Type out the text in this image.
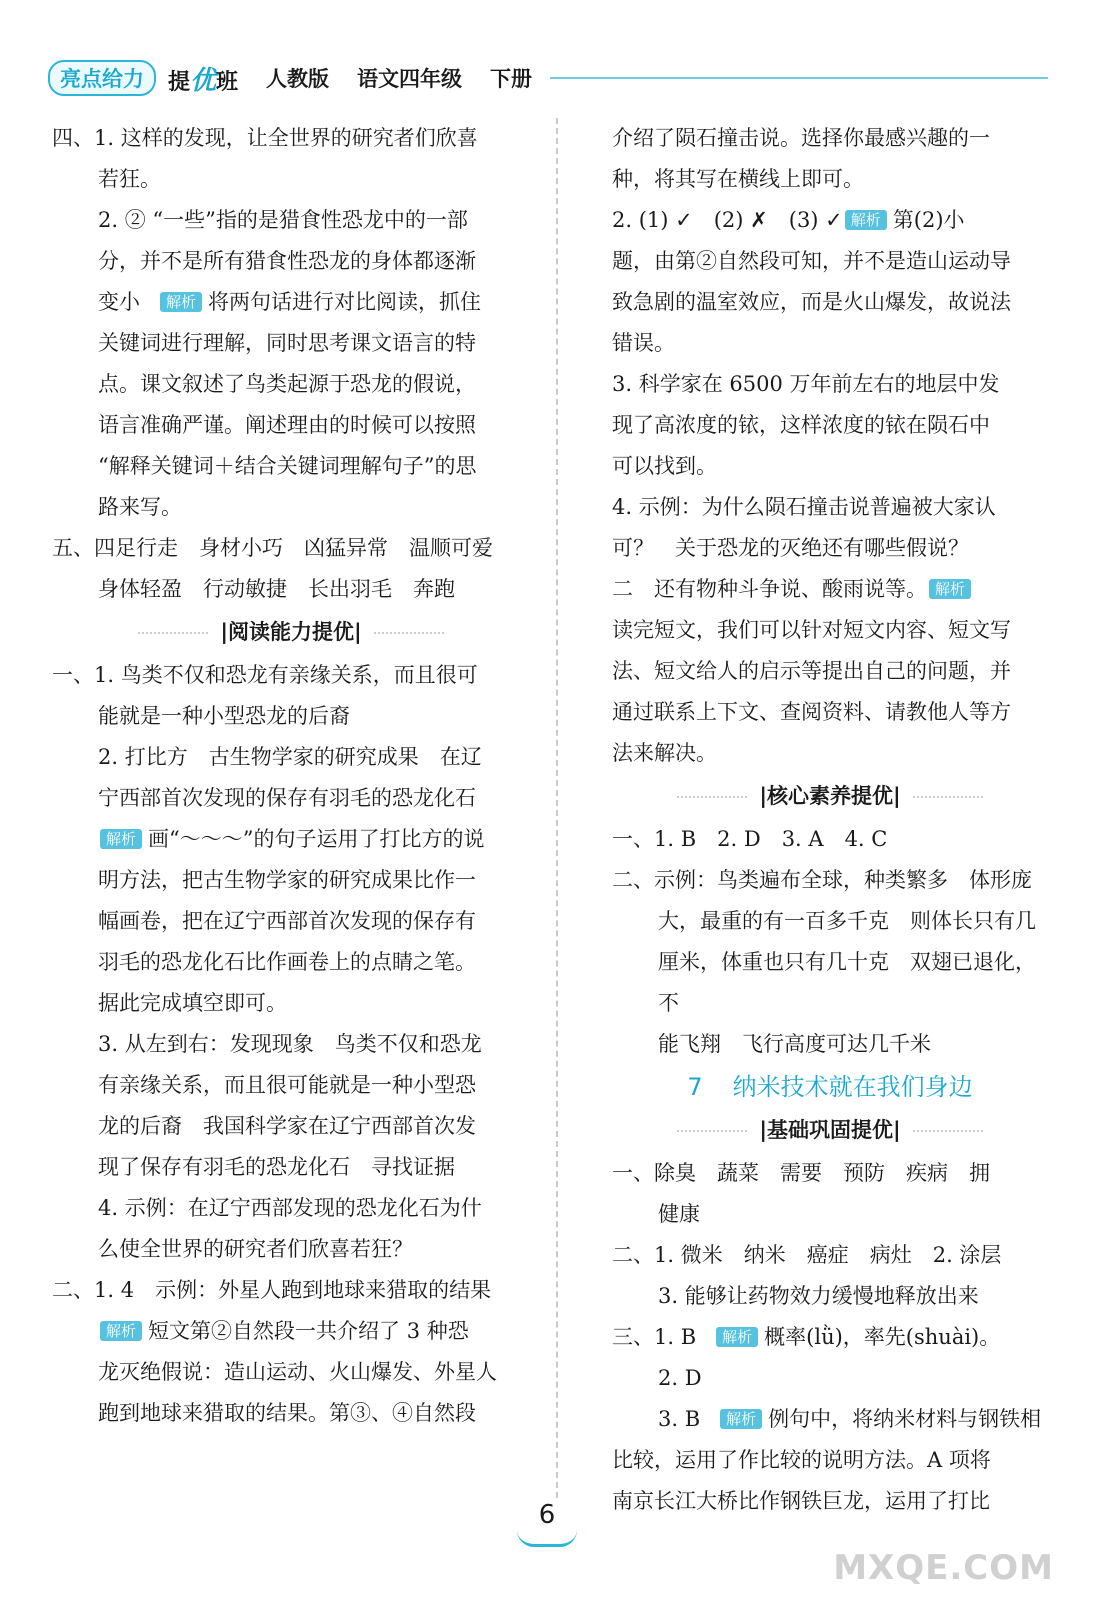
亮点给力	提优班 人教版 语文四年级 下册

四、1. 这样的发现，让全世界的研究者们欣喜

若狂。

2. ② “一些”指的是猎食性恐龙中的一部

分，并不是所有猎食性恐龙的身体都逐渐

变小 解析 将两句话进行对比阅读，抓住

关键词进行理解，同时思考课文语言的特

点。课文叙述了鸟类起源于恐龙的假说，

语言准确严谨。阐述理由的时候可以按照

“解释关键词＋结合关键词理解句子”的思

路来写。

五、四足行走　身材小巧　凶猛异常　温顺可爱

身体轻盈　行动敏捷　长出羽毛　奔跑

|阅读能力提优|

一、1. 鸟类不仅和恐龙有亲缘关系，而且很可

能就是一种小型恐龙的后裔

2. 打比方　古生物学家的研究成果　在辽

宁西部首次发现的保存有羽毛的恐龙化石

解析 画“～～～”的句子运用了打比方的说

明方法，把古生物学家的研究成果比作一

幅画卷，把在辽宁西部首次发现的保存有

羽毛的恐龙化石比作画卷上的点睛之笔。

据此完成填空即可。

3. 从左到右：发现现象　鸟类不仅和恐龙

有亲缘关系，而且很可能就是一种小型恐

龙的后裔　我国科学家在辽宁西部首次发

现了保存有羽毛的恐龙化石　寻找证据

4. 示例：在辽宁西部发现的恐龙化石为什

么使全世界的研究者们欣喜若狂？

二、1. 4　示例：外星人跑到地球来猎取的结果

解析 短文第②自然段一共介绍了 3 种恐

龙灭绝假说：造山运动、火山爆发、外星人

跑到地球来猎取的结果。第③、④自然段

介绍了陨石撞击说。选择你最感兴趣的一

种，将其写在横线上即可。

2. (1) ✓　(2) ✗　(3) ✓ 解析 第(2)小

题，由第②自然段可知，并不是造山运动导

致急剧的温室效应，而是火山爆发，故说法

错误。

3. 科学家在 6500 万年前左右的地层中发

现了高浓度的铱，这样浓度的铱在陨石中

可以找到。

4. 示例：为什么陨石撞击说普遍被大家认

可？　关于恐龙的灭绝还有哪些假说？

二　还有物种斗争说、酸雨说等。 解析

读完短文，我们可以针对短文内容、短文写

法、短文给人的启示等提出自己的问题，并

通过联系上下文、查阅资料、请教他人等方

法来解决。

|核心素养提优|

一、1. B　2. D　3. A　4. C

二、示例：鸟类遍布全球，种类繁多　体形庞

大，最重的有一百多千克　则体长只有几

厘米，体重也只有几十克　双翅已退化，不

能飞翔　飞行高度可达几千米

7 纳米技术就在我们身边

|基础巩固提优|

一、除臭　蔬菜　需要　预防　疾病　拥

健康

二、1. 微米　纳米　癌症　病灶　2. 涂层

3. 能够让药物效力缓慢地释放出来

三、1. B 解析 概率(lǜ)，率先(shuài)。

2. D

3. B 解析 例句中，将纳米材料与钢铁相

比较，运用了作比较的说明方法。A 项将

南京长江大桥比作钢铁巨龙，运用了打比

6
MXQE.COM
